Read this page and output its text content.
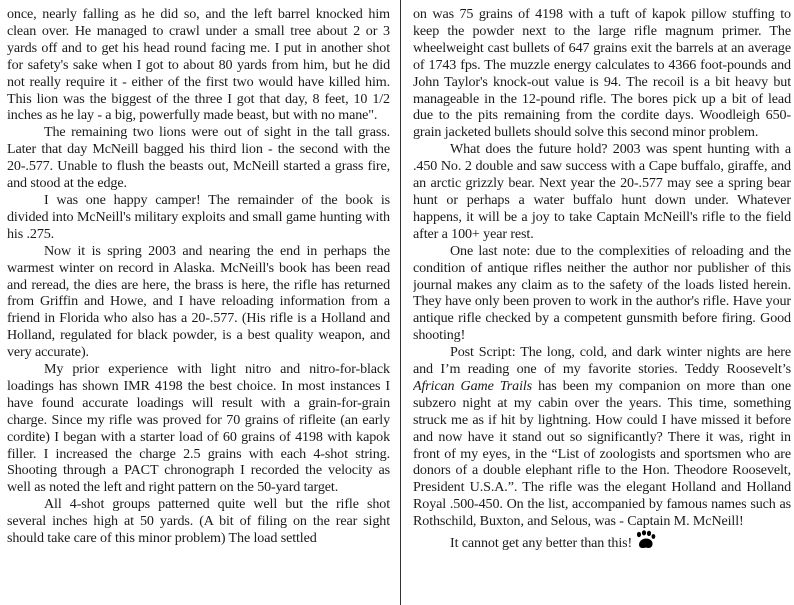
once, nearly falling as he did so, and the left barrel knocked him clean over. He managed to crawl under a small tree about 2 or 3 yards off and to get his head round facing me. I put in another shot for safety's sake when I got to about 80 yards from him, but he did not really require it - either of the first two would have killed him. This lion was the biggest of the three I got that day, 8 feet, 10 1/2 inches as he lay - a big, powerfully made beast, but with no mane".

The remaining two lions were out of sight in the tall grass. Later that day McNeill bagged his third lion - the second with the 20-.577. Unable to flush the beasts out, McNeill started a grass fire, and stood at the edge.

I was one happy camper! The remainder of the book is divided into McNeill's military exploits and small game hunting with his .275.

Now it is spring 2003 and nearing the end in perhaps the warmest winter on record in Alaska. McNeill's book has been read and reread, the dies are here, the brass is here, the rifle has returned from Griffin and Howe, and I have reloading information from a friend in Florida who also has a 20-.577. (His rifle is a Holland and Holland, regulated for black powder, is a best quality weapon, and very accurate).

My prior experience with light nitro and nitro-for-black loadings has shown IMR 4198 the best choice. In most instances I have found accurate loadings will result with a grain-for-grain charge. Since my rifle was proved for 70 grains of rifleite (an early cordite) I began with a starter load of 60 grains of 4198 with kapok filler. I increased the charge 2.5 grains with each 4-shot string. Shooting through a PACT chronograph I recorded the velocity as well as noted the left and right pattern on the 50-yard target.

All 4-shot groups patterned quite well but the rifle shot several inches high at 50 yards. (A bit of filing on the rear sight should take care of this minor problem) The load settled

on was 75 grains of 4198 with a tuft of kapok pillow stuffing to keep the powder next to the large rifle magnum primer. The wheelweight cast bullets of 647 grains exit the barrels at an average of 1743 fps. The muzzle energy calculates to 4366 foot-pounds and John Taylor's knock-out value is 94. The recoil is a bit heavy but manageable in the 12-pound rifle. The bores pick up a bit of lead due to the pits remaining from the cordite days. Woodleigh 650-grain jacketed bullets should solve this second minor problem.

What does the future hold? 2003 was spent hunting with a .450 No. 2 double and saw success with a Cape buffalo, giraffe, and an arctic grizzly bear. Next year the 20-.577 may see a spring bear hunt or perhaps a water buffalo hunt down under. Whatever happens, it will be a joy to take Captain McNeill's rifle to the field after a 100+ year rest.

One last note: due to the complexities of reloading and the condition of antique rifles neither the author nor publisher of this journal makes any claim as to the safety of the loads listed herein. They have only been proven to work in the author's rifle. Have your antique rifle checked by a competent gunsmith before firing. Good shooting!

Post Script: The long, cold, and dark winter nights are here and I’m reading one of my favorite stories. Teddy Roosevelt’s African Game Trails has been my companion on more than one subzero night at my cabin over the years. This time, something struck me as if hit by lightning. How could I have missed it before and now have it stand out so significantly? There it was, right in front of my eyes, in the “List of zoologists and sportsmen who are donors of a double elephant rifle to the Hon. Theodore Roosevelt, President U.S.A.”. The rifle was the elegant Holland and Holland Royal .500-450. On the list, accompanied by famous names such as Rothschild, Buxton, and Selous, was - Captain M. McNeill!

It cannot get any better than this!
